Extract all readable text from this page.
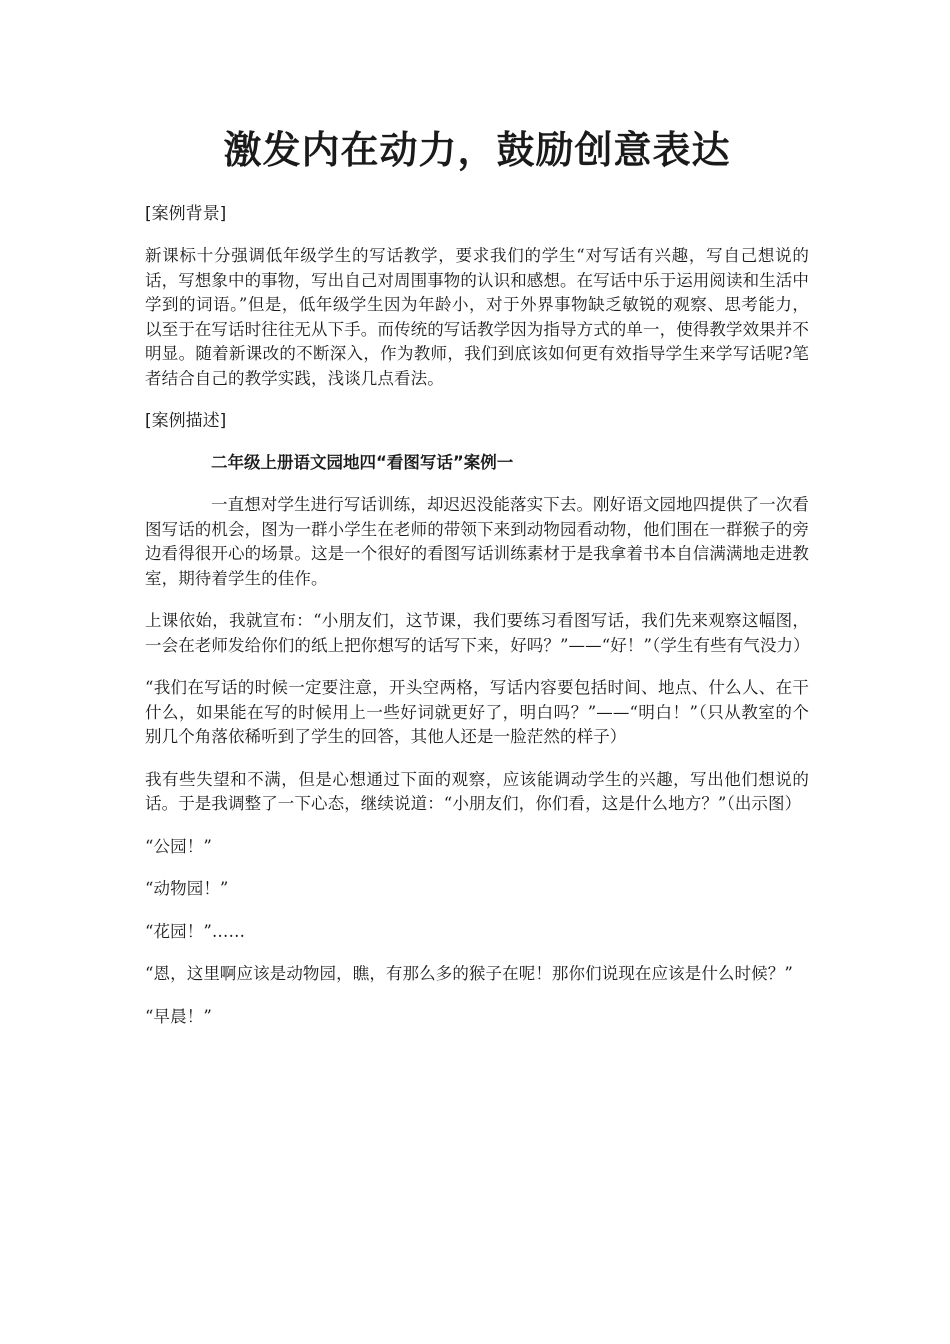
激发内在动力，鼓励创意表达
[案例背景]

新课标十分强调低年级学生的写话教学，要求我们的学生“对写话有兴趣，写自己想说的话，写想象中的事物，写出自己对周围事物的认识和感想。在写话中乐于运用阅读和生活中学到的词语。”但是，低年级学生因为年龄小，对于外界事物缺乏敏锐的观察、思考能力，以至于在写话时往往无从下手。而传统的写话教学因为指导方式的单一，使得教学效果并不明显。随着新课改的不断深入，作为教师，我们到底该如何更有效指导学生来学写话呢?笔者结合自己的教学实践，浅谈几点看法。

[案例描述]
二年级上册语文园地四“看图写话”案例一

一直想对学生进行写话训练，却迟迟没能落实下去。刚好语文园地四提供了一次看图写话的机会，图为一群小学生在老师的带领下来到动物园看动物，他们围在一群猴子的旁边看得很开心的场景。这是一个很好的看图写话训练素材于是我拿着书本自信满满地走进教室，期待着学生的佳作。

上课依始，我就宣布：“小朋友们，这节课，我们要练习看图写话，我们先来观察这幅图，一会在老师发给你们的纸上把你想写的话写下来，好吗？”——“好！”（学生有些有气没力）

“我们在写话的时候一定要注意，开头空两格，写话内容要包括时间、地点、什么人、在干什么，如果能在写的时候用上一些好词就更好了，明白吗？”——“明白！”（只从教室的个别几个角落依稀听到了学生的回答，其他人还是一脸茫然的样子）

我有些失望和不满，但是心想通过下面的观察，应该能调动学生的兴趣，写出他们想说的话。于是我调整了一下心态，继续说道：“小朋友们，你们看，这是什么地方？”（出示图）

“公园！”

“动物园！”

“花园！”……

“恩，这里啊应该是动物园，瞧，有那么多的猴子在呢！那你们说现在应该是什么时候？”

“早晨！”
